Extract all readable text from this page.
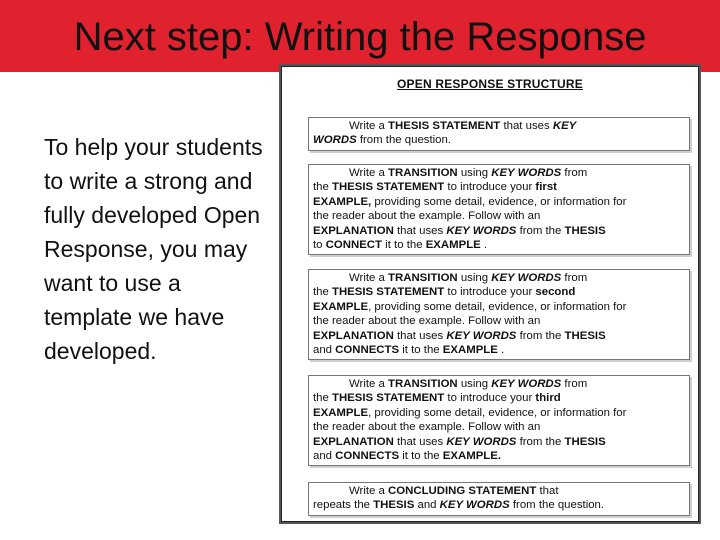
Next step: Writing the Response
To help your students to write a strong and fully developed Open Response, you may want to use a template we have developed.
OPEN RESPONSE STRUCTURE
Write a THESIS STATEMENT that uses KEY
WORDS from the question.
Write a TRANSITION using KEY WORDS from
the THESIS STATEMENT to introduce your first
EXAMPLE, providing some detail, evidence, or information for
the reader about the example. Follow with an
EXPLANATION that uses KEY WORDS from the THESIS
to CONNECT it to the EXAMPLE .
Write a TRANSITION using KEY WORDS from
the THESIS STATEMENT to introduce your second
EXAMPLE, providing some detail, evidence, or information for
the reader about the example. Follow with an
EXPLANATION that uses KEY WORDS from the THESIS
and CONNECTS it to the EXAMPLE .
Write a TRANSITION using KEY WORDS from
the THESIS STATEMENT to introduce your third
EXAMPLE, providing some detail, evidence, or information for
the reader about the example. Follow with an
EXPLANATION that uses KEY WORDS from the THESIS
and CONNECTS it to the EXAMPLE.
Write a CONCLUDING STATEMENT that
repeats the THESIS and KEY WORDS from the question.
